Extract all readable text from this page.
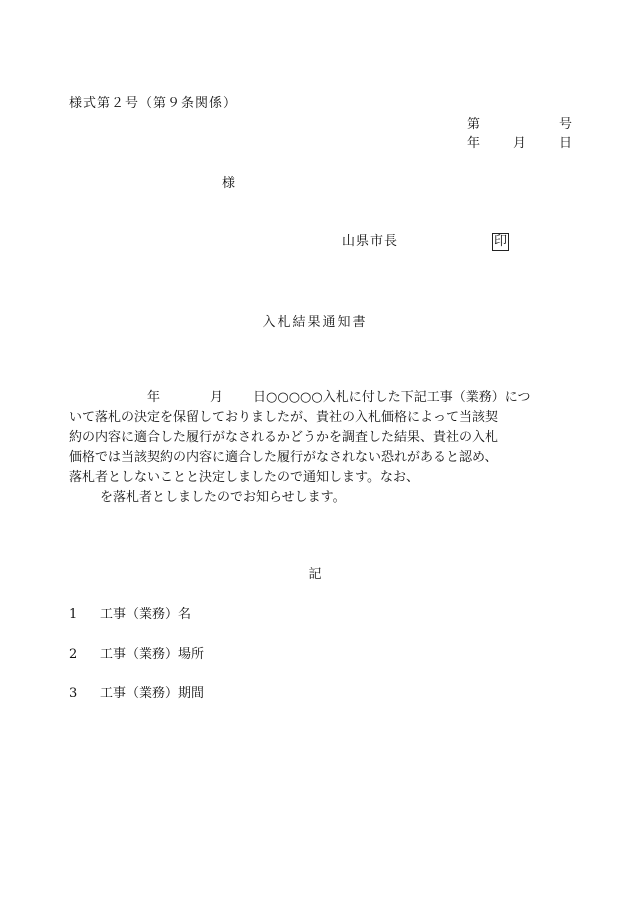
様式第２号（第９条関係）
第	号
年	月	日
様
山県市長	印
入札結果通知書
年	月 日○○○○○入札に付した下記工事（業務）につ
いて落札の決定を保留しておりましたが、貴社の入札価格によって当該契
約の内容に適合した履行がなされるかどうかを調査した結果、貴社の入札
価格では当該契約の内容に適合した履行がなされない恐れがあると認め、
落札者としないことと決定しましたので通知します。なお、
を落札者としましたのでお知らせします。
記
1 工事（業務）名
2 工事（業務）場所
3 工事（業務）期間
